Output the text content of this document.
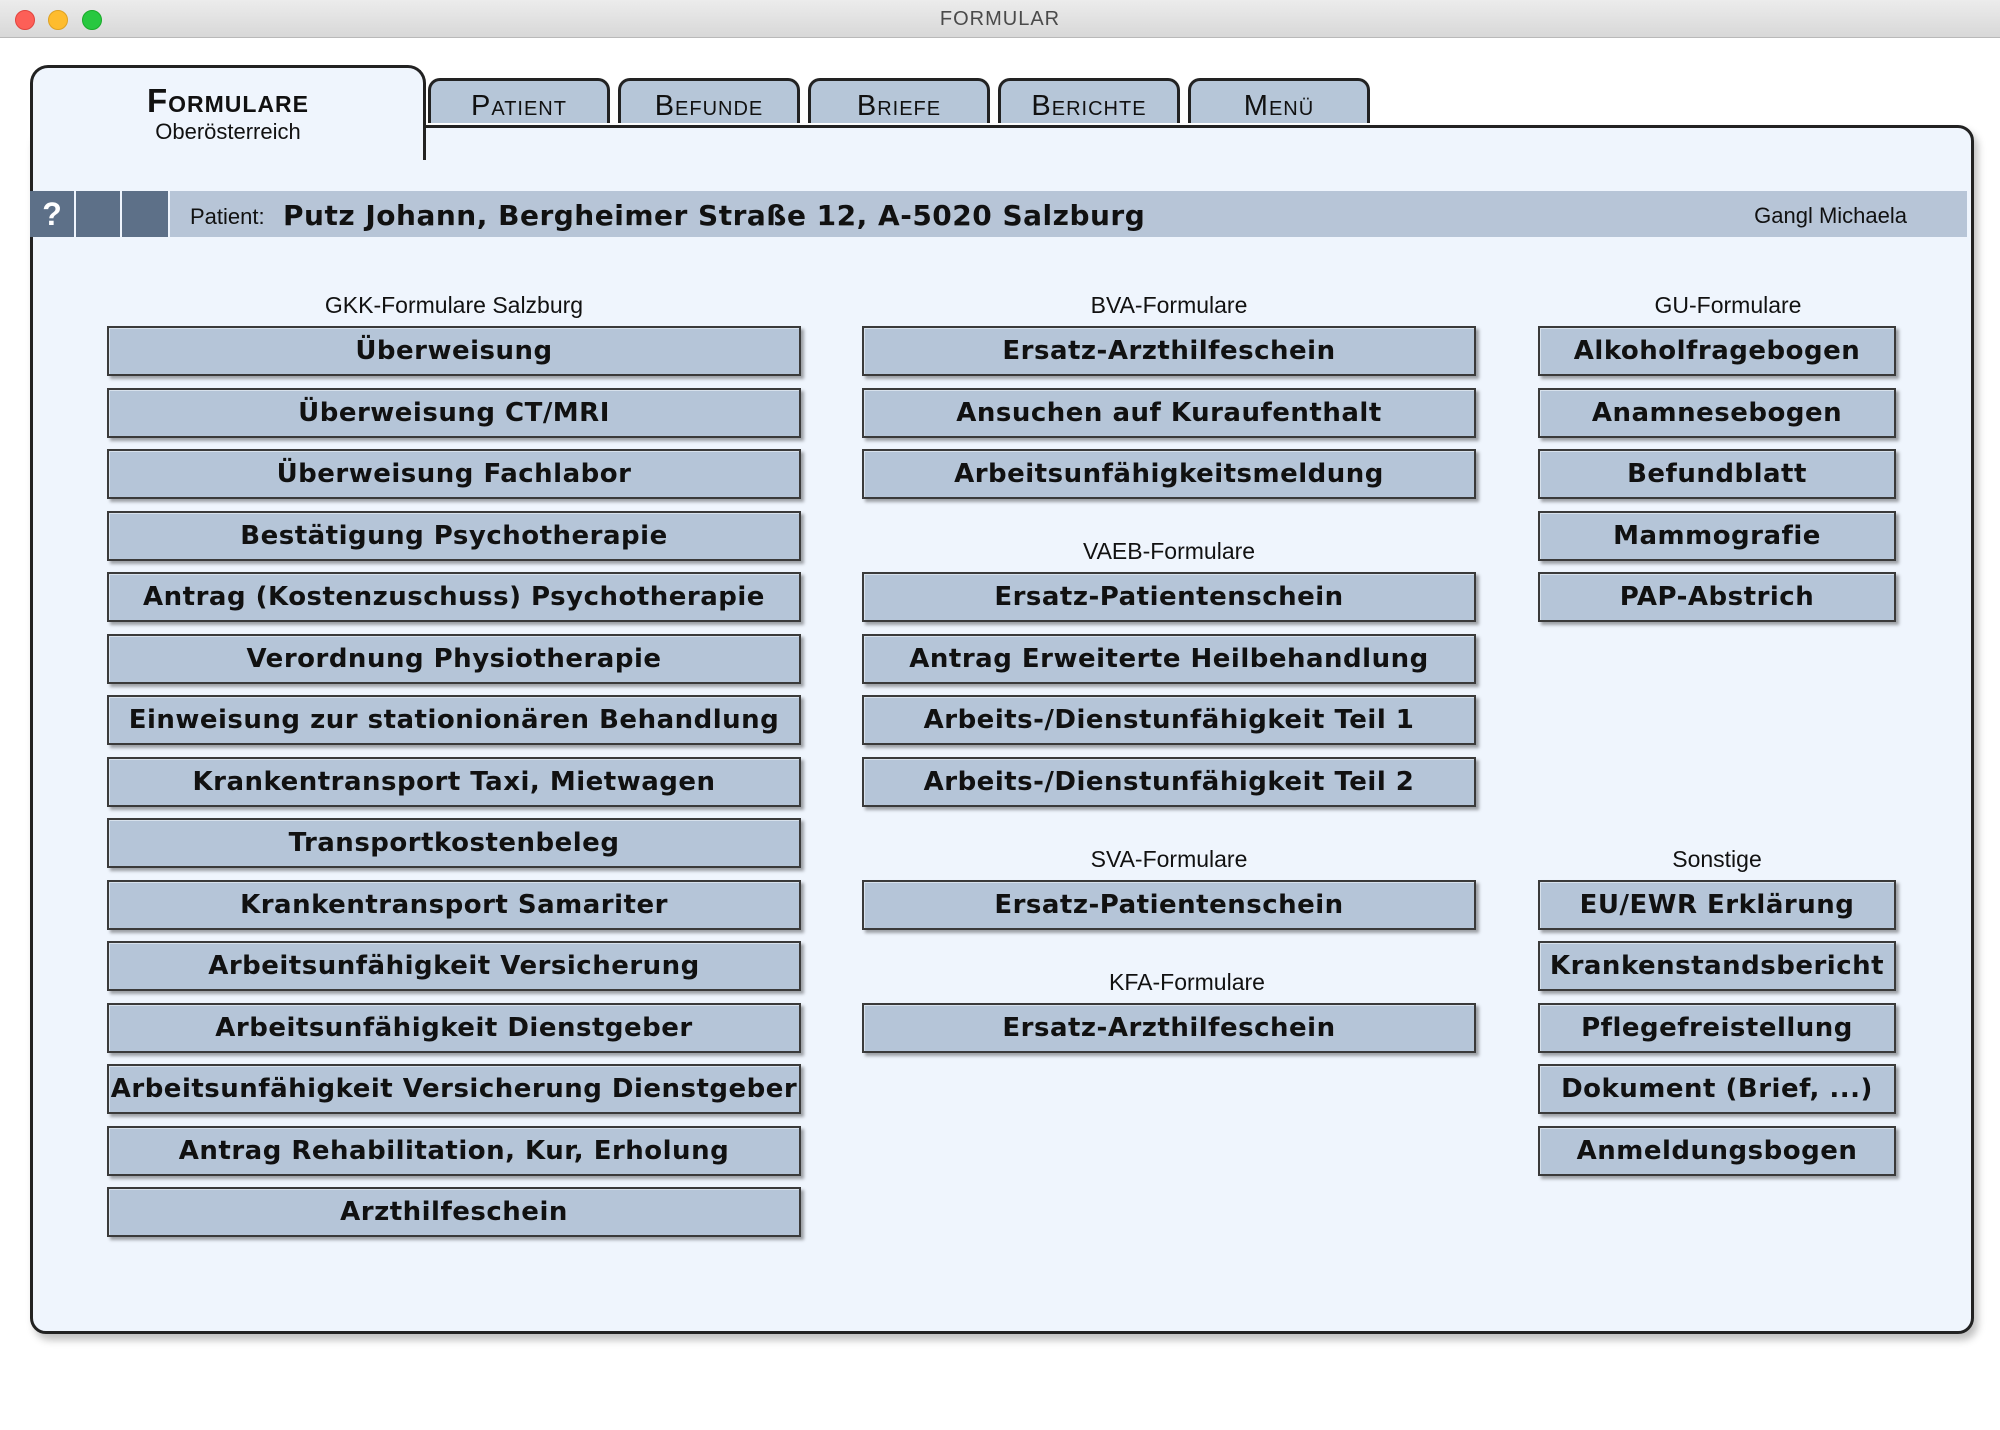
FORMULAR
Formulare
Oberösterreich
Patient	Befunde	Briefe	Berichte	Menü
?	Patient: Putz Johann, Bergheimer Straße 12, A-5020 Salzburg	Gangl Michaela
GKK-Formulare Salzburg	BVA-Formulare
VAEB-Formulare
SVA-Formulare
KFA-Formulare
GU-Formulare
Sonstige
Überweisung
Überweisung CT/MRI
Überweisung Fachlabor
Bestätigung Psychotherapie
Antrag (Kostenzuschuss) Psychotherapie
Verordnung Physiotherapie
Einweisung zur stationionären Behandlung
Krankentransport Taxi, Mietwagen
Transportkostenbeleg
Krankentransport Samariter
Arbeitsunfähigkeit Versicherung
Arbeitsunfähigkeit Dienstgeber
Arbeitsunfähigkeit Versicherung Dienstgeber
Antrag Rehabilitation, Kur, Erholung
Arzthilfeschein
Ersatz-Arzthilfeschein
Ansuchen auf Kuraufenthalt
Arbeitsunfähigkeitsmeldung
Ersatz-Patientenschein
Antrag Erweiterte Heilbehandlung
Arbeits-/Dienstunfähigkeit Teil 1
Arbeits-/Dienstunfähigkeit Teil 2
Ersatz-Patientenschein
Ersatz-Arzthilfeschein
Alkoholfragebogen
Anamnesebogen
Befundblatt
Mammografie
PAP-Abstrich
EU/EWR Erklärung
Krankenstandsbericht
Pflegefreistellung
Dokument (Brief, ...)
Anmeldungsbogen
